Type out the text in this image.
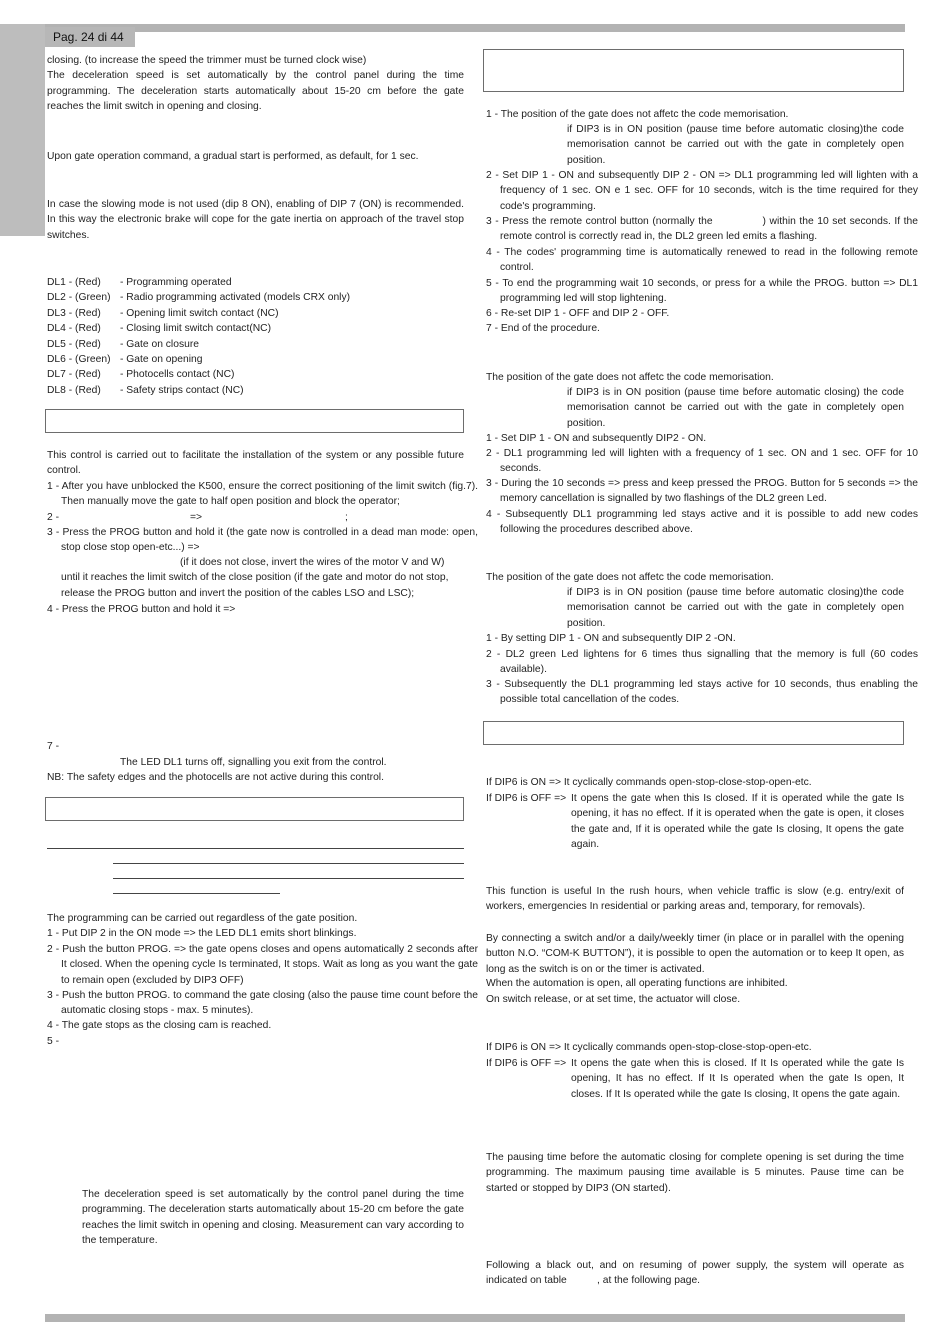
Pag. 24 di 44

closing. (to increase the speed the trimmer must be turned clock wise)

The deceleration speed is set automatically by the control panel during the time programming. The deceleration starts automatically about 15-20 cm before the gate reaches the limit switch in opening and closing.

Upon gate operation command, a gradual start is performed, as default, for 1 sec.

In case the slowing mode is not used (dip 8 ON), enabling of DIP 7 (ON) is recommended. In this way the electronic brake will cope for the gate inertia on approach of the travel stop switches.

DL1 - (Red)	- Programming operated
DL2 - (Green) - Radio programming activated (models CRX only)
DL3 - (Red)	- Opening limit switch contact (NC)
DL4 - (Red)	- Closing limit switch contact(NC)
DL5 - (Red)	- Gate on closure
DL6 - (Green) - Gate on opening
DL7 - (Red)	- Photocells contact (NC)
DL8 - (Red)	- Safety strips contact (NC)

This control is carried out to facilitate the installation of the system or any possible future control.

1 - After you have unblocked the K500, ensure the correct positioning of the limit switch (fig.7). Then manually move the gate to half open position and block the operator;

2 -	=>	;

3 - Press the PROG button and hold it (the gate now is controlled in a dead man mode: open, stop close stop open-etc...) =>

(if it does not close, invert the wires of the motor V and W) until it reaches the limit switch of the close position (if the gate and motor do not stop, release the PROG button and invert the position of the cables LSO and LSC);

4 - Press the PROG button and hold it =>

7 -

The LED DL1 turns off, signalling you exit from the control.

NB: The safety edges and the photocells are not active during this control.

The programming can be carried out regardless of the gate position.

1 - Put DIP 2 in the ON mode => the LED DL1 emits short blinkings.

2 - Push the button PROG. => the gate opens closes and opens automatically 2 seconds after It closed. When the opening cycle Is terminated, It stops. Wait as long as you want the gate to remain open (excluded by DIP3 OFF)

3 - Push the button PROG. to command the gate closing (also the pause time count before the automatic closing stops - max. 5 minutes).

4 - The gate stops as the closing cam is reached.

5 -

The deceleration speed is set automatically by the control panel during the time programming. The deceleration starts automatically about 15-20 cm before the gate reaches the limit switch in opening and closing. Measurement can vary according to the temperature.

1 - The position of the gate does not affetc the code memorisation.

if DIP3 is in ON position (pause time before automatic closing)the code memorisation cannot be carried out with the gate in completely open position.

2 - Set DIP 1 - ON and subsequently DIP 2 - ON => DL1 programming led will lighten with a frequency of 1 sec. ON e 1 sec. OFF for 10 seconds, witch is the time required for they code's programming.

3 - Press the remote control button (normally the              ) within the 10 set seconds. If the remote control is correctly read in, the DL2 green led emits a flashing.

4 - The codes' programming time is automatically renewed to read in the following remote control.

5 - To end the programming wait 10 seconds, or press for a while the PROG. button => DL1 programming led will stop lightening.

6 - Re-set DIP 1 - OFF and DIP 2 - OFF.

7 - End of the procedure.

The position of the gate does not affetc the code memorisation.

if DIP3 is in ON position (pause time before automatic closing) the code memorisation cannot be carried out with the gate in completely open position.

1 - Set DIP 1 - ON and subsequently DIP2 - ON.

2 - DL1 programming led will lighten with a frequency of 1 sec. ON and 1 sec. OFF for 10 seconds.

3 - During the 10 seconds => press and keep pressed the PROG. Button for 5 seconds => the memory cancellation is signalled by two flashings of the DL2 green Led.

4 - Subsequently DL1 programming led stays active and it is possible to add new codes following the procedures described above.

The position of the gate does not affetc the code memorisation.

if DIP3 is in ON position (pause time before automatic closing)the code memorisation cannot be carried out with the gate in completely open position.

1 - By setting DIP 1 - ON and subsequently DIP 2 -ON.

2 - DL2 green Led lightens for 6 times thus signalling that the memory is full (60 codes available).

3 - Subsequently the DL1 programming led stays active for 10 seconds, thus enabling the possible total cancellation of the codes.

If DIP6 is ON => It cyclically commands open-stop-close-stop-open-etc.

If DIP6 is OFF => It opens the gate when this Is closed. If it is operated while the gate Is opening, it has no effect. If it is operated when the gate is open, it closes the gate and, If it is operated while the gate Is closing, It opens the gate again.

This function is useful In the rush hours, when vehicle traffic is slow (e.g. entry/exit of workers, emergencies In residential or parking areas and, temporary, for removals).

By connecting a switch and/or a daily/weekly timer (in place or in parallel with the opening button N.O. “COM-K BUTTON”), it is possible to open the automation or to keep It open, as long as the switch is on or the timer is activated.

When the automation is open, all operating functions are inhibited.

On switch release, or at set time, the actuator will close.

If DIP6 is ON => It cyclically commands open-stop-close-stop-open-etc.

If DIP6 is OFF => It opens the gate when this is closed. If It Is operated while the gate Is opening, It has no effect. If It Is operated when the gate Is open, It closes. If It Is operated while the gate Is closing, It opens the gate again.

The pausing time before the automatic closing for complete opening is set during the time programming. The maximum pausing time available is 5 minutes. Pause time can be started or stopped by DIP3 (ON started).

Following a black out, and on resuming of power supply, the system will operate as

indicated on table	, at the following page.
